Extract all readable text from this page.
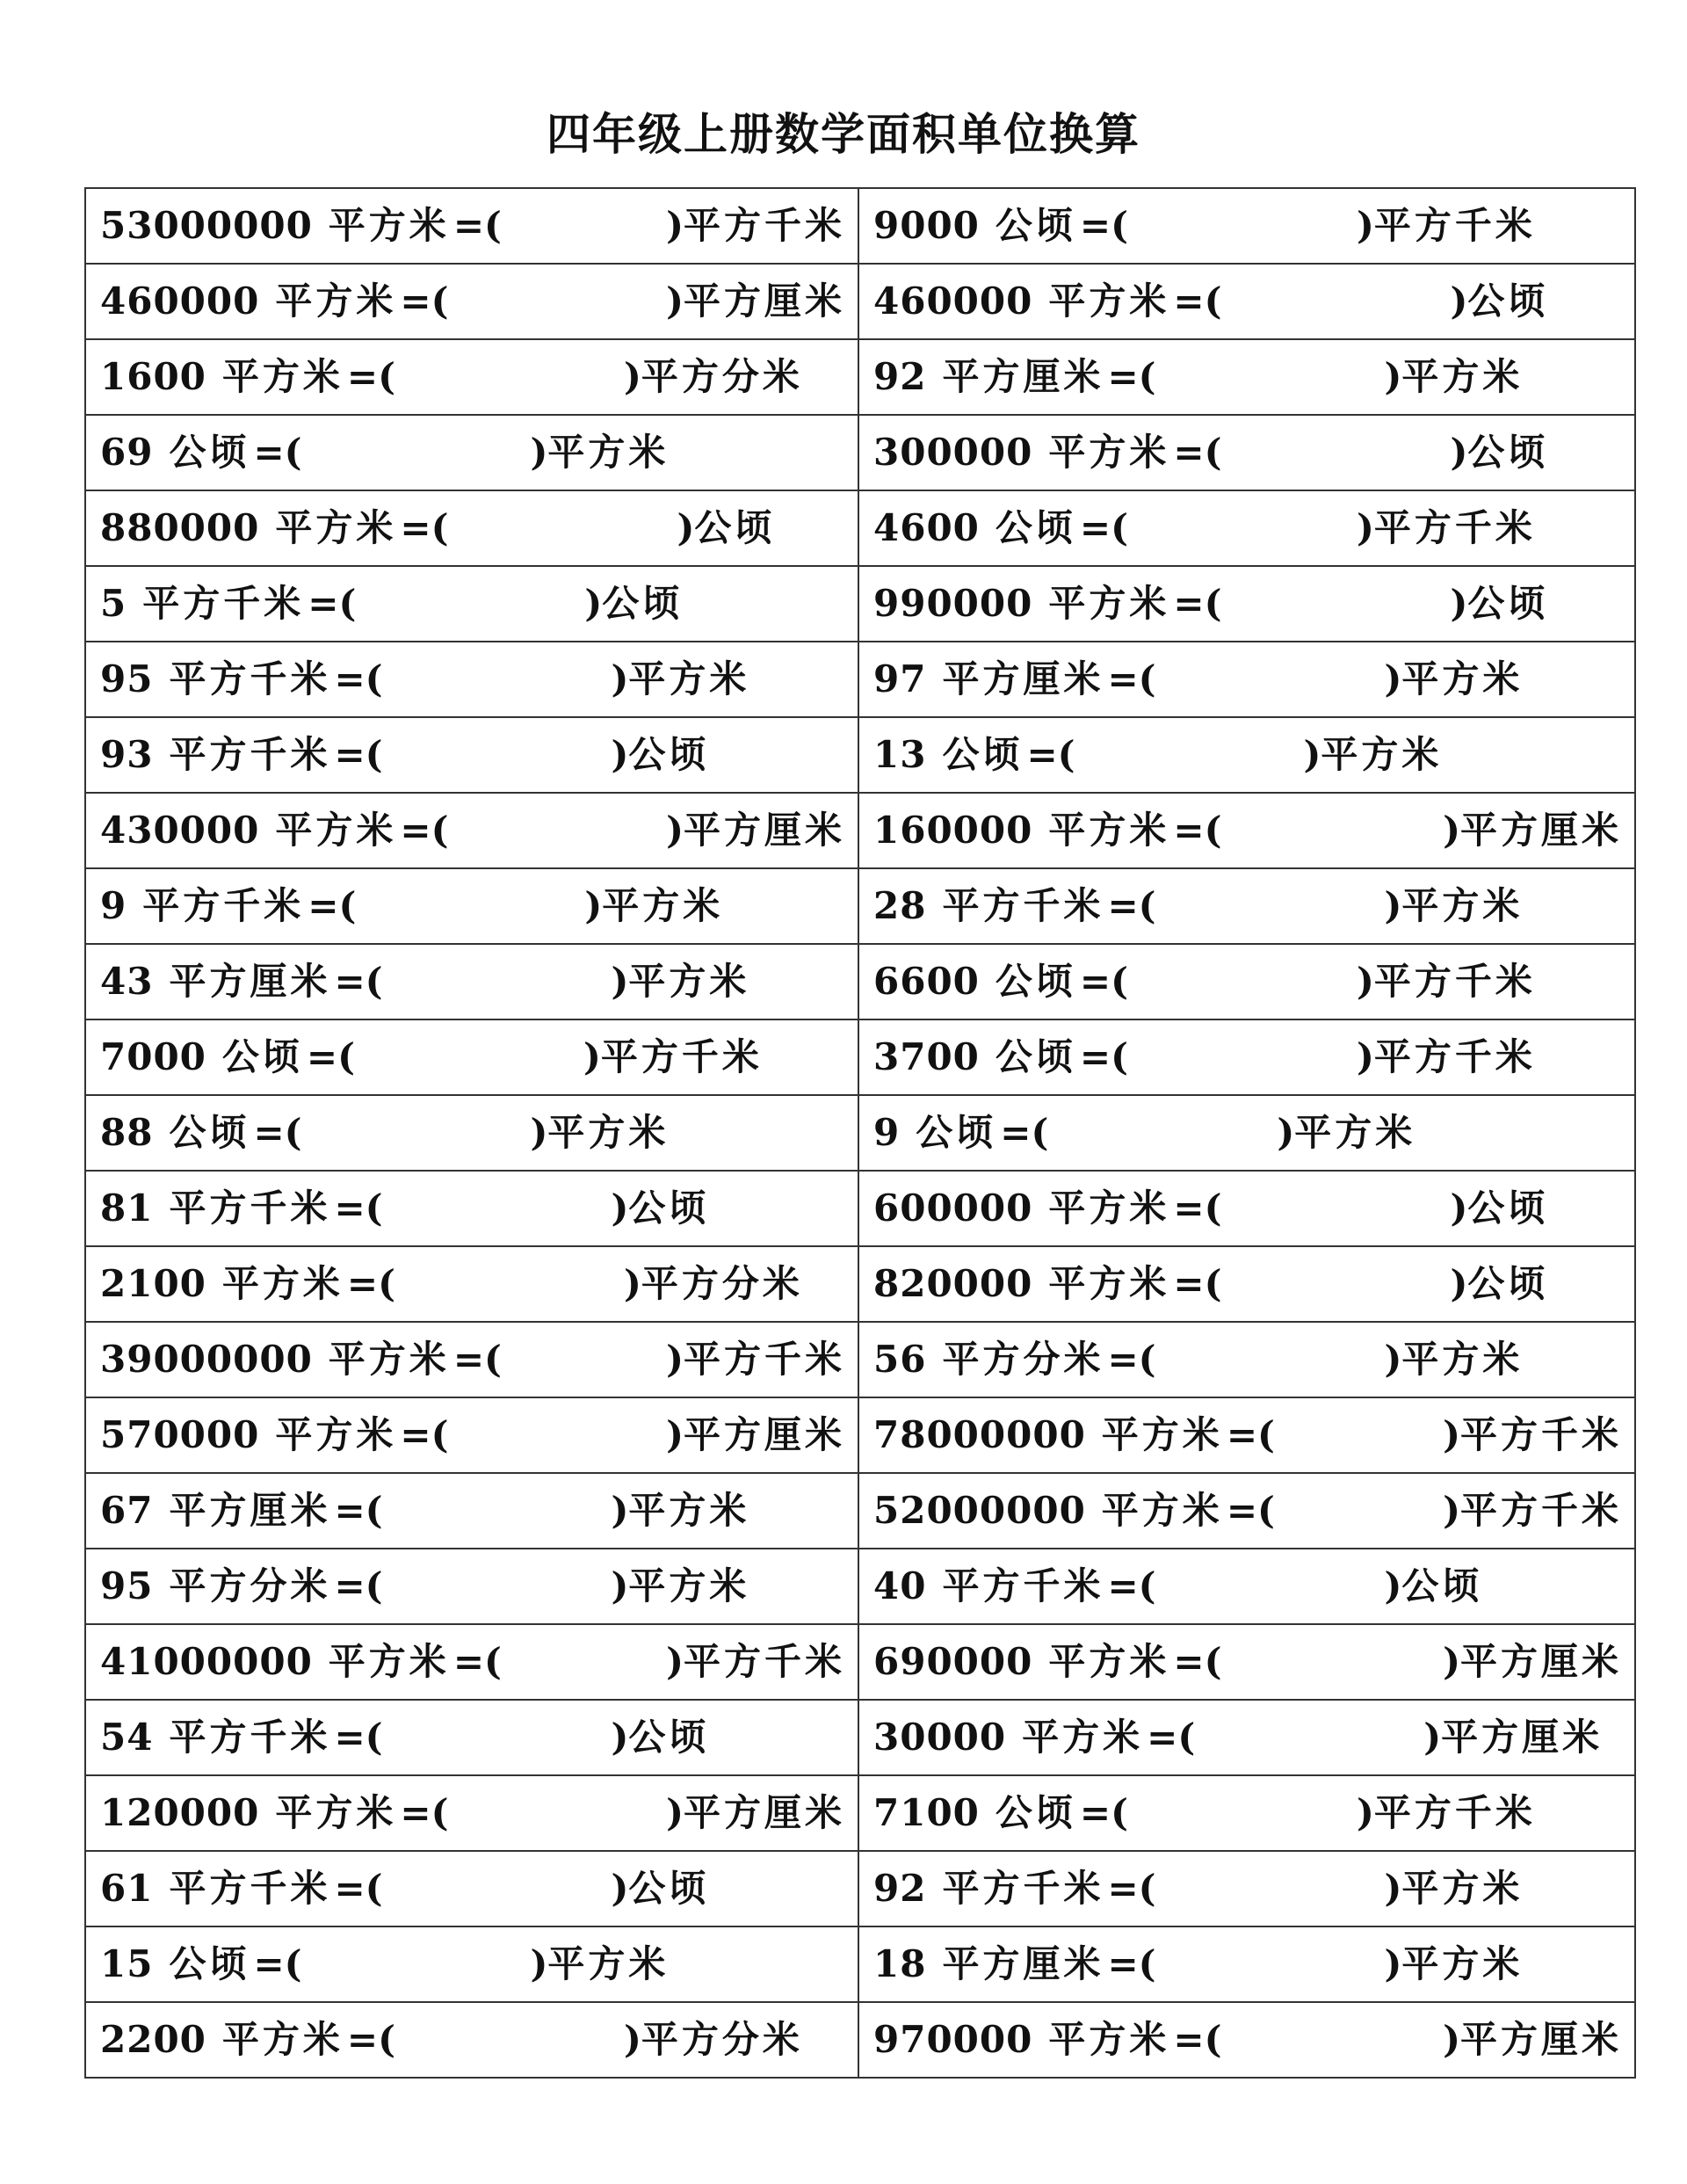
四年级上册数学面积单位换算
53000000 平方米=( )平方千米	9000 公顷=( )平方千米
460000 平方米=( )平方厘米	460000 平方米=( )公顷
1600 平方米=( )平方分米	92 平方厘米=( )平方米
69 公顷=( )平方米	300000 平方米=( )公顷
880000 平方米=( )公顷	4600 公顷=( )平方千米
5 平方千米=( )公顷	990000 平方米=( )公顷
95 平方千米=( )平方米	97 平方厘米=( )平方米
93 平方千米=( )公顷	13 公顷=( )平方米
430000 平方米=( )平方厘米	160000 平方米=( )平方厘米
9 平方千米=( )平方米	28 平方千米=( )平方米
43 平方厘米=( )平方米	6600 公顷=( )平方千米
7000 公顷=( )平方千米	3700 公顷=( )平方千米
88 公顷=( )平方米	9 公顷=( )平方米
81 平方千米=( )公顷	600000 平方米=( )公顷
2100 平方米=( )平方分米	820000 平方米=( )公顷
39000000 平方米=( )平方千米	56 平方分米=( )平方米
570000 平方米=( )平方厘米	78000000 平方米=( )平方千米
67 平方厘米=( )平方米	52000000 平方米=( )平方千米
95 平方分米=( )平方米	40 平方千米=( )公顷
41000000 平方米=( )平方千米	690000 平方米=( )平方厘米
54 平方千米=( )公顷	30000 平方米=( )平方厘米
120000 平方米=( )平方厘米	7100 公顷=( )平方千米
61 平方千米=( )公顷	92 平方千米=( )平方米
15 公顷=( )平方米	18 平方厘米=( )平方米
2200 平方米=( )平方分米	970000 平方米=( )平方厘米
